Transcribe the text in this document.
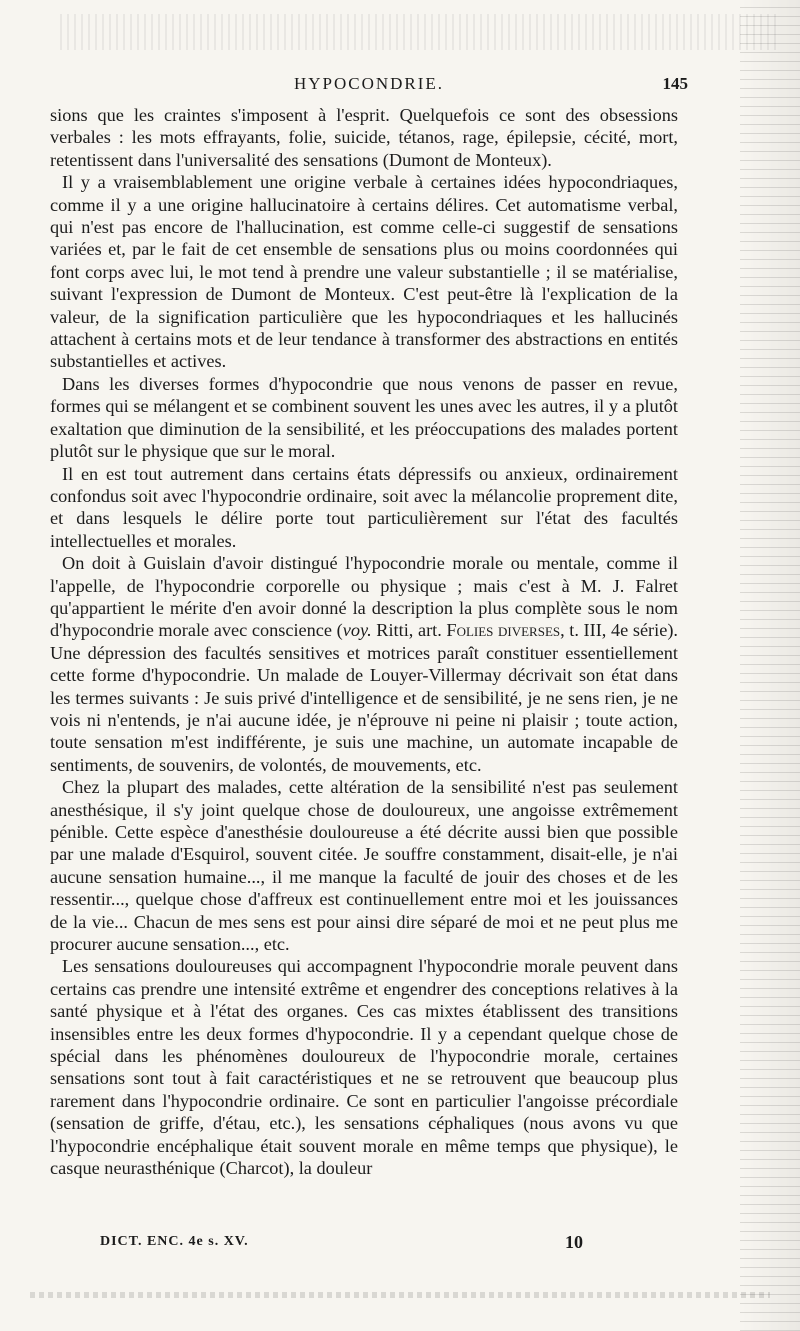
HYPOCONDRIE.	145

sions que les craintes s'imposent à l'esprit. Quelquefois ce sont des obsessions verbales : les mots effrayants, folie, suicide, tétanos, rage, épilepsie, cécité, mort, retentissent dans l'universalité des sensations (Dumont de Monteux).

Il y a vraisemblablement une origine verbale à certaines idées hypocondriaques, comme il y a une origine hallucinatoire à certains délires. Cet automatisme verbal, qui n'est pas encore de l'hallucination, est comme celle-ci suggestif de sensations variées et, par le fait de cet ensemble de sensations plus ou moins coordonnées qui font corps avec lui, le mot tend à prendre une valeur substantielle ; il se matérialise, suivant l'expression de Dumont de Monteux. C'est peut-être là l'explication de la valeur, de la signification particulière que les hypocondriaques et les hallucinés attachent à certains mots et de leur tendance à transformer des abstractions en entités substantielles et actives.

Dans les diverses formes d'hypocondrie que nous venons de passer en revue, formes qui se mélangent et se combinent souvent les unes avec les autres, il y a plutôt exaltation que diminution de la sensibilité, et les préoccupations des malades portent plutôt sur le physique que sur le moral.

Il en est tout autrement dans certains états dépressifs ou anxieux, ordinairement confondus soit avec l'hypocondrie ordinaire, soit avec la mélancolie proprement dite, et dans lesquels le délire porte tout particulièrement sur l'état des facultés intellectuelles et morales.

On doit à Guislain d'avoir distingué l'hypocondrie morale ou mentale, comme il l'appelle, de l'hypocondrie corporelle ou physique ; mais c'est à M. J. Falret qu'appartient le mérite d'en avoir donné la description la plus complète sous le nom d'hypocondrie morale avec conscience (voy. Ritti, art. Folies diverses, t. III, 4e série). Une dépression des facultés sensitives et motrices paraît constituer essentiellement cette forme d'hypocondrie. Un malade de Louyer-Villermay décrivait son état dans les termes suivants : Je suis privé d'intelligence et de sensibilité, je ne sens rien, je ne vois ni n'entends, je n'ai aucune idée, je n'éprouve ni peine ni plaisir ; toute action, toute sensation m'est indifférente, je suis une machine, un automate incapable de sentiments, de souvenirs, de volontés, de mouvements, etc.

Chez la plupart des malades, cette altération de la sensibilité n'est pas seulement anesthésique, il s'y joint quelque chose de douloureux, une angoisse extrêmement pénible. Cette espèce d'anesthésie douloureuse a été décrite aussi bien que possible par une malade d'Esquirol, souvent citée. Je souffre constamment, disait-elle, je n'ai aucune sensation humaine..., il me manque la faculté de jouir des choses et de les ressentir..., quelque chose d'affreux est continuellement entre moi et les jouissances de la vie... Chacun de mes sens est pour ainsi dire séparé de moi et ne peut plus me procurer aucune sensation..., etc.

Les sensations douloureuses qui accompagnent l'hypocondrie morale peuvent dans certains cas prendre une intensité extrême et engendrer des conceptions relatives à la santé physique et à l'état des organes. Ces cas mixtes établissent des transitions insensibles entre les deux formes d'hypocondrie. Il y a cependant quelque chose de spécial dans les phénomènes douloureux de l'hypocondrie morale, certaines sensations sont tout à fait caractéristiques et ne se retrouvent que beaucoup plus rarement dans l'hypocondrie ordinaire. Ce sont en particulier l'angoisse précordiale (sensation de griffe, d'étau, etc.), les sensations céphaliques (nous avons vu que l'hypocondrie encéphalique était souvent morale en même temps que physique), le casque neurasthénique (Charcot), la douleur

DICT. ENC. 4e s. XV.	10
